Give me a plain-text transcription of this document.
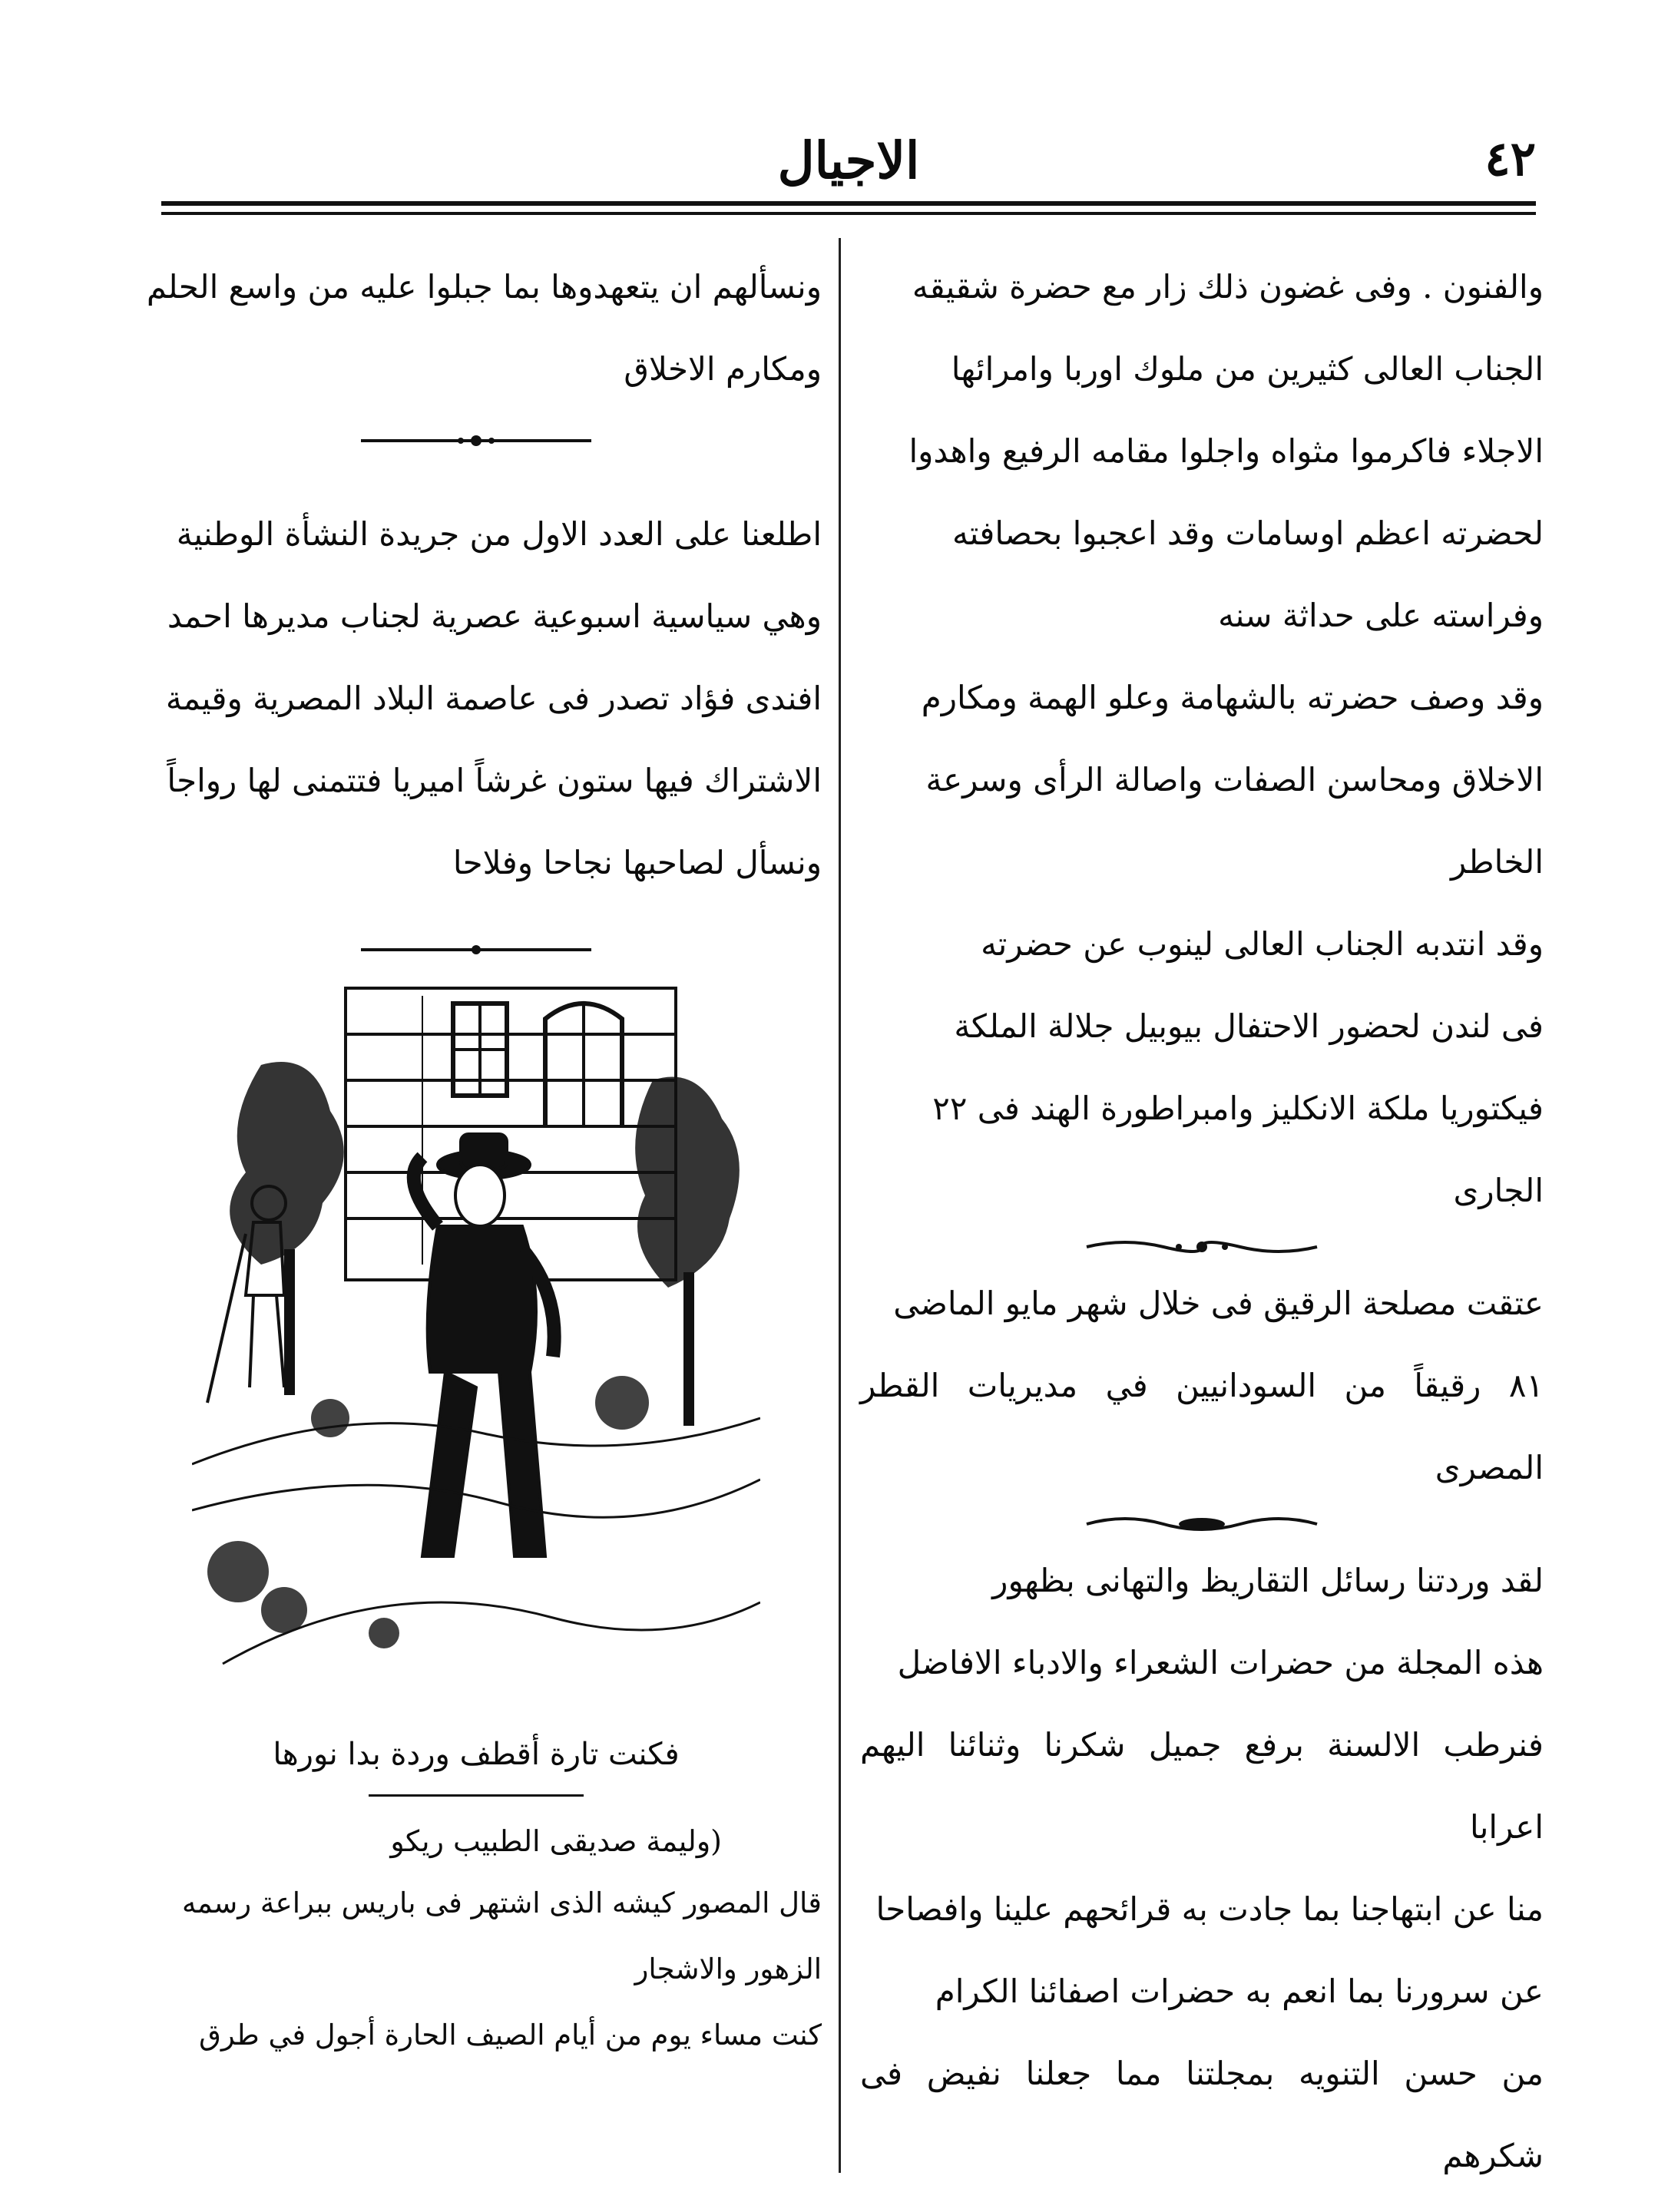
٤٢
الاجيال

والفنون . وفى غضون ذلك زار مع حضرة شقيقه

الجناب العالى كثيرين من ملوك اوربا وامرائها

الاجلاء فاكرموا مثواه واجلوا مقامه الرفيع واهدوا

لحضرته اعظم اوسامات وقد اعجبوا بحصافته

وفراسته على حداثة سنه

وقد وصف حضرته بالشهامة وعلو الهمة ومكارم

الاخلاق ومحاسن الصفات واصالة الرأى وسرعة

الخاطر

وقد انتدبه الجناب العالى لينوب عن حضرته

فى لندن لحضور الاحتفال بيوبيل جلالة الملكة

فيكتوريا ملكة الانكليز وامبراطورة الهند فى ٢٢

الجارى

عتقت مصلحة الرقيق فى خلال شهر مايو الماضى

٨١ رقيقاً من السودانيين في مديريات القطر المصرى

لقد وردتنا رسائل التقاريظ والتهانى بظهور

هذه المجلة من حضرات الشعراء والادباء الافاضل

فنرطب الالسنة برفع جميل شكرنا وثنائنا اليهم اعرابا

منا عن ابتهاجنا بما جادت به قرائحهم علينا وافصاحا

عن سرورنا بما انعم به حضرات اصفائنا الكرام

من حسن التنويه بمجلتنا مما جعلنا نفيض فى شكرهم

ونسألهم ان يتعهدوها بما جبلوا عليه من واسع الحلم

ومكارم الاخلاق

اطلعنا على العدد الاول من جريدة النشأة الوطنية

وهي سياسية اسبوعية عصرية لجناب مديرها احمد

افندى فؤاد تصدر فى عاصمة البلاد المصرية وقيمة

الاشتراك فيها ستون غرشاً اميريا فتتمنى لها رواجاً

ونسأل لصاحبها نجاحا وفلاحا

فكنت تارة أقطف وردة بدا نورها

(وليمة صديقى الطبيب ريكو

قال المصور كيشه الذى اشتهر فى باريس ببراعة رسمه

الزهور والاشجار

كنت مساء يوم من أيام الصيف الحارة أجول في طرق
